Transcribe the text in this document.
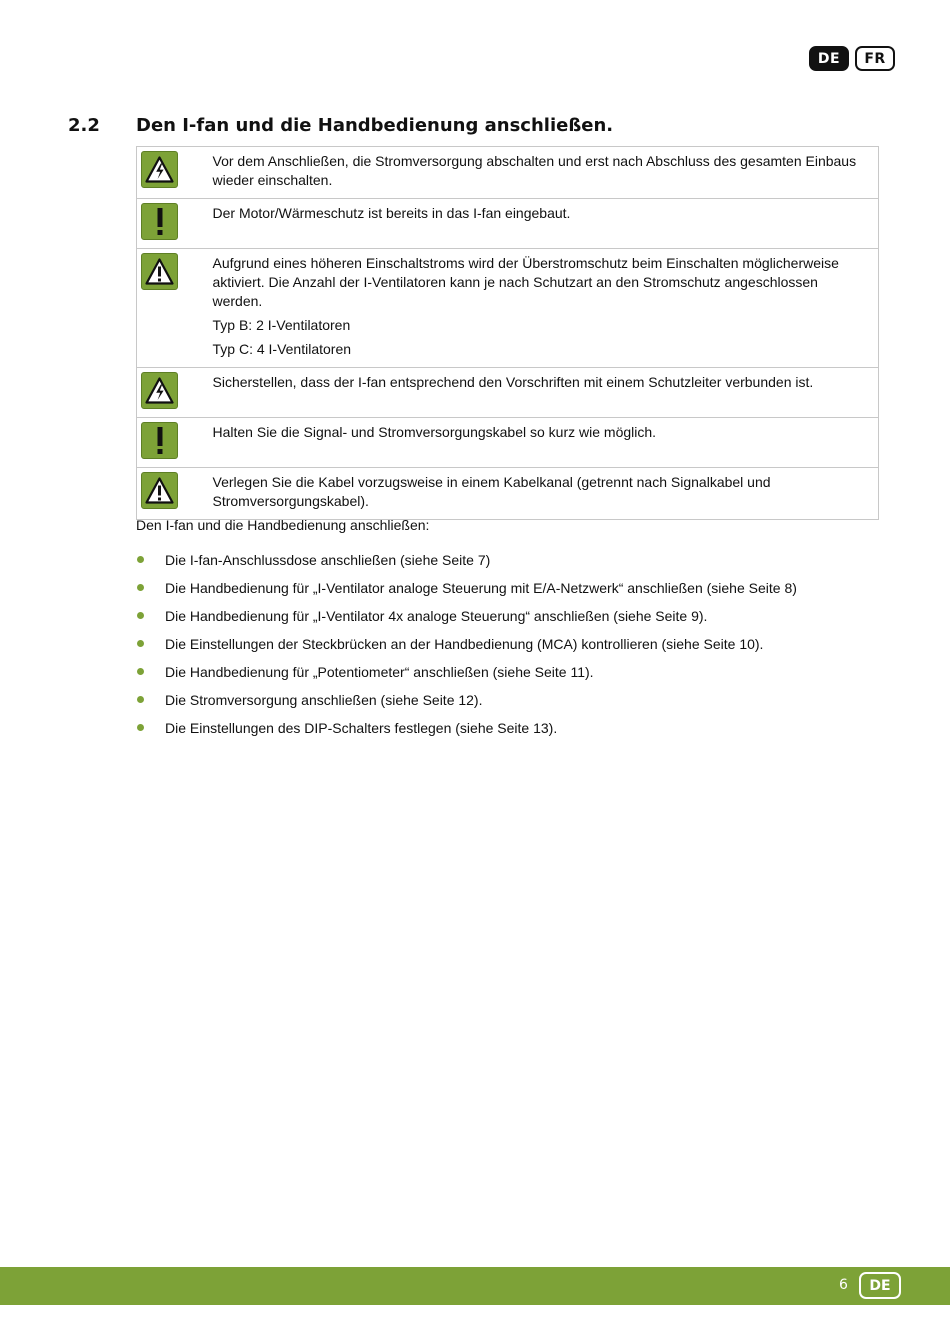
DE	FR
2.2 Den I-fan und die Handbedienung anschließen.

Vor dem Anschließen, die Stromversorgung abschalten und erst nach Abschluss des gesamten Einbaus wieder einschalten.

Der Motor/Wärmeschutz ist bereits in das I-fan eingebaut.

Aufgrund eines höheren Einschaltstroms wird der Überstromschutz beim Einschalten möglicherweise aktiviert. Die Anzahl der I-Ventilatoren kann je nach Schutzart an den Stromschutz angeschlossen werden.

Typ B: 2 I-Ventilatoren

Typ C: 4 I-Ventilatoren

Sicherstellen, dass der I-fan entsprechend den Vorschriften mit einem Schutzleiter verbunden ist.

Halten Sie die Signal- und Stromversorgungskabel so kurz wie möglich.

Verlegen Sie die Kabel vorzugsweise in einem Kabelkanal (getrennt nach Signalkabel und Stromversorgungskabel).

Den I-fan und die Handbedienung anschließen:
Die I-fan-Anschlussdose anschließen (siehe Seite 7)
Die Handbedienung für „I-Ventilator analoge Steuerung mit E/A-Netzwerk“ anschließen (siehe Seite 8)
Die Handbedienung für „I-Ventilator 4x analoge Steuerung“ anschließen (siehe Seite 9).
Die Einstellungen der Steckbrücken an der Handbedienung (MCA) kontrollieren (siehe Seite 10).
Die Handbedienung für „Potentiometer“ anschließen (siehe Seite 11).
Die Stromversorgung anschließen (siehe Seite 12).
Die Einstellungen des DIP-Schalters festlegen (siehe Seite 13).
6	DE
